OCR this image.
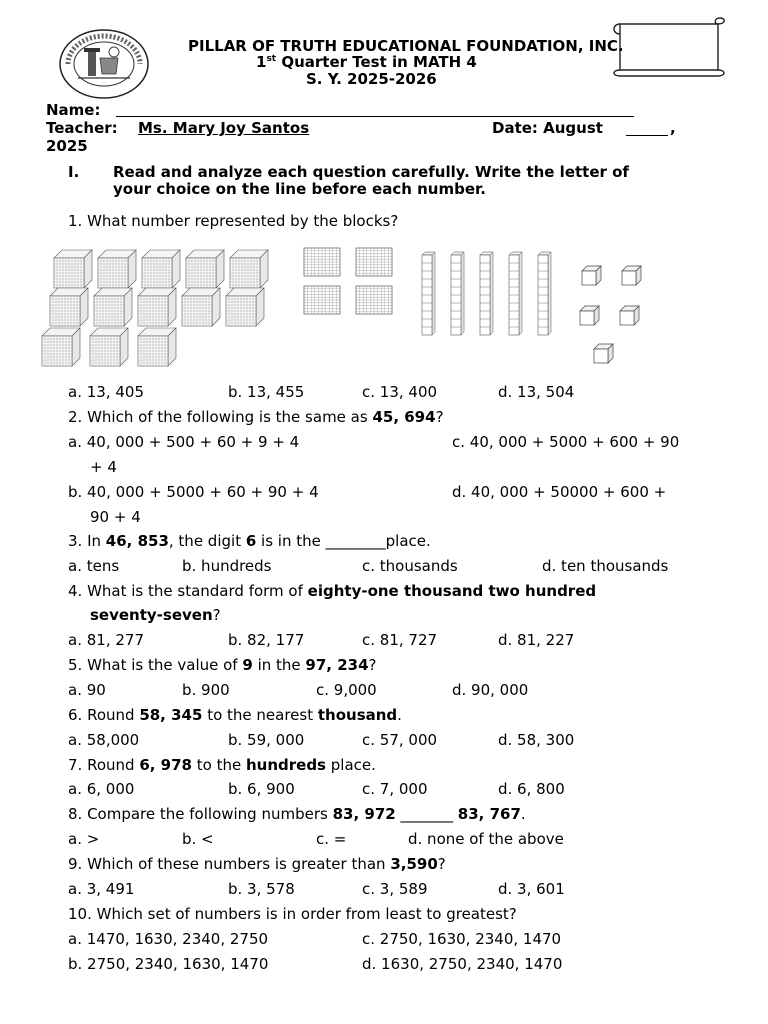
PILLAR OF TRUTH EDUCATIONAL FOUNDATION, INC.
1st Quarter Test in MATH 4
S. Y. 2025-2026
Name:
Teacher: Ms. Mary Joy Santos	Date: August	,
2025
I. Read and analyze each question carefully. Write the letter of
your choice on the line before each number.
1. What number represented by the blocks?
a. 13, 405	b. 13, 455	c. 13, 400	d. 13, 504
2. Which of the following is the same as 45, 694?
a. 40, 000 + 500 + 60 + 9 + 4	c. 40, 000 + 5000 + 600 + 90
+ 4
b. 40, 000 + 5000 + 60 + 90 + 4	d. 40, 000 + 50000 + 600 +
90 + 4
3. In 46, 853, the digit 6 is in the ________place.
a. tens	b. hundreds	c. thousands	d. ten thousands
4. What is the standard form of eighty-one thousand two hundred
seventy-seven?
a. 81, 277	b. 82, 177	c. 81, 727	d. 81, 227
5. What is the value of 9 in the 97, 234?
a. 90	b. 900	c. 9,000	d. 90, 000
6. Round 58, 345 to the nearest thousand.
a. 58,000	b. 59, 000	c. 57, 000	d. 58, 300
7. Round 6, 978 to the hundreds place.
a. 6, 000	b. 6, 900	c. 7, 000	d. 6, 800
8. Compare the following numbers 83, 972 _______ 83, 767.
a. >	b. <	c. =	d. none of the above
9. Which of these numbers is greater than 3,590?
a. 3, 491	b. 3, 578	c. 3, 589	d. 3, 601
10. Which set of numbers is in order from least to greatest?
a. 1470, 1630, 2340, 2750	c. 2750, 1630, 2340, 1470
b. 2750, 2340, 1630, 1470	d. 1630, 2750, 2340, 1470
